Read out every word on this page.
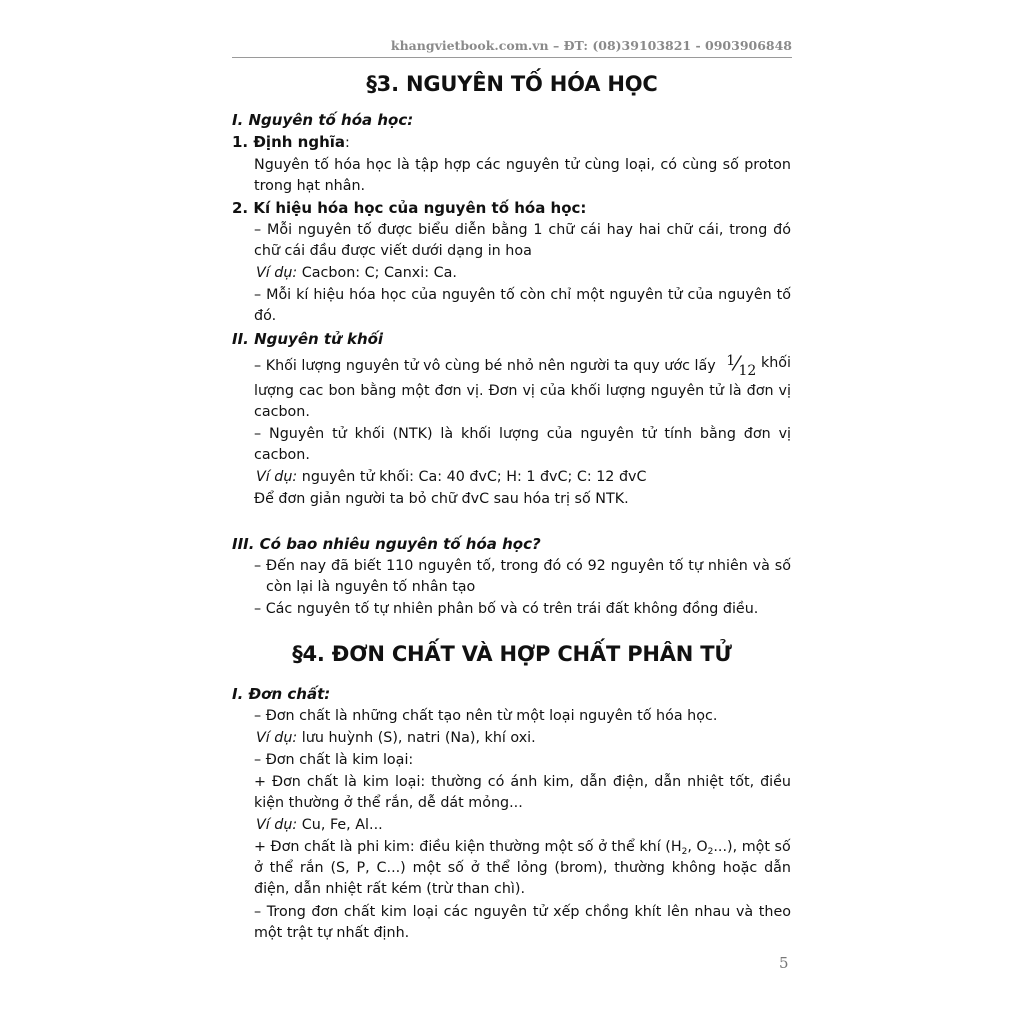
khangvietbook.com.vn – ĐT: (08)39103821 - 0903906848
§3. NGUYÊN TỐ HÓA HỌC
I. Nguyên tố hóa học:
1. Định nghĩa:
Nguyên tố hóa học là tập hợp các nguyên tử cùng loại, có cùng số proton
trong hạt nhân.
2. Kí hiệu hóa học của nguyên tố hóa học:
– Mỗi nguyên tố được biểu diễn bằng 1 chữ cái hay hai chữ cái, trong đó
chữ cái đầu được viết dưới dạng in hoa
Ví dụ: Cacbon: C; Canxi: Ca.
– Mỗi kí hiệu hóa học của nguyên tố còn chỉ một nguyên tử của nguyên tố
đó.
II. Nguyên tử khối
– Khối lượng nguyên tử vô cùng bé nhỏ nên người ta quy ước lấy 1⁄12 khối
lượng cac bon bằng một đơn vị. Đơn vị của khối lượng nguyên tử là đơn vị
cacbon.
– Nguyên tử khối (NTK) là khối lượng của nguyên tử tính bằng đơn vị
cacbon.
Ví dụ: nguyên tử khối: Ca: 40 đvC; H: 1 đvC; C: 12 đvC
Để đơn giản người ta bỏ chữ đvC sau hóa trị số NTK.
III. Có bao nhiêu nguyên tố hóa học?
– Đến nay đã biết 110 nguyên tố, trong đó có 92 nguyên tố tự nhiên và số
còn lại là nguyên tố nhân tạo
– Các nguyên tố tự nhiên phân bố và có trên trái đất không đồng điều.
§4. ĐƠN CHẤT VÀ HỢP CHẤT PHÂN TỬ
I. Đơn chất:
– Đơn chất là những chất tạo nên từ một loại nguyên tố hóa học.
Ví dụ: lưu huỳnh (S), natri (Na), khí oxi.
– Đơn chất là kim loại:
+ Đơn chất là kim loại: thường có ánh kim, dẫn điện, dẫn nhiệt tốt, điều
kiện thường ở thể rắn, dễ dát mỏng...
Ví dụ: Cu, Fe, Al...
+ Đơn chất là phi kim: điều kiện thường một số ở thể khí ($H_2$, $O_2$...), một số
ở thể rắn (S, P, C...) một số ở thể lỏng (brom), thường không hoặc dẫn
điện, dẫn nhiệt rất kém (trừ than chì).
– Trong đơn chất kim loại các nguyên tử xếp chồng khít lên nhau và theo
một trật tự nhất định.
5
